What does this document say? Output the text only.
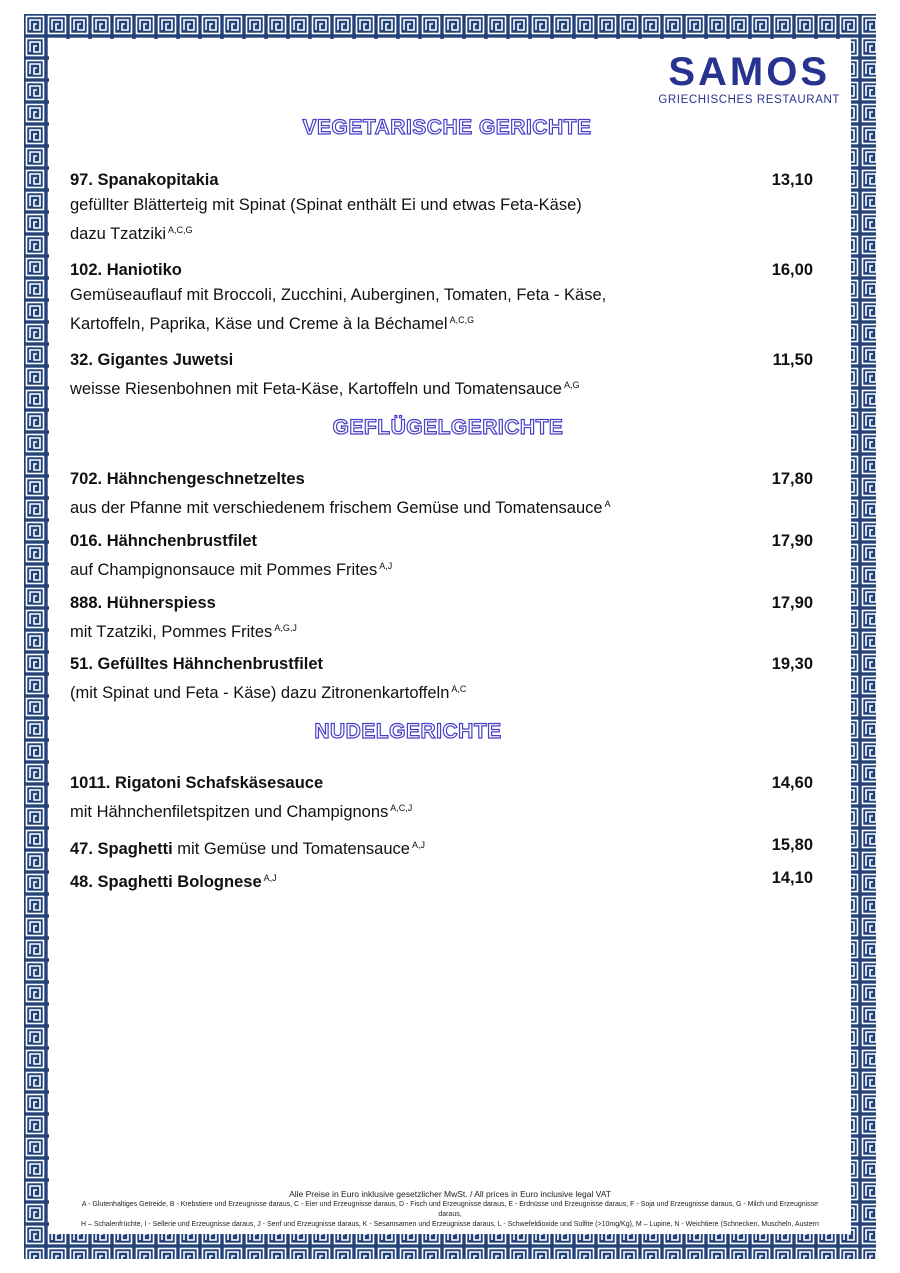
SAMOS
GRIECHISCHES RESTAURANT
VEGETARISCHE GERICHTE
97. Spanakopitakia
gefüllter Blätterteig mit Spinat (Spinat enthält Ei und etwas Feta-Käse)
dazu Tzatziki $^{A,C,G}$
13,10
102. Haniotiko
Gemüseauflauf mit Broccoli, Zucchini, Auberginen, Tomaten, Feta - Käse,
Kartoffeln, Paprika, Käse und Creme à la Béchamel $^{A,C,G}$
16,00
32. Gigantes Juwetsi
weisse Riesenbohnen mit Feta-Käse, Kartoffeln und Tomatensauce $^{A,G}$
11,50
GEFLÜGELGERICHTE
702. Hähnchengeschnetzeltes
aus der Pfanne mit verschiedenem frischem Gemüse und Tomatensauce $^A$
17,80
016. Hähnchenbrustfilet
auf Champignonsauce mit Pommes Frites $^{A,J}$
17,90
888. Hühnerspiess
mit Tzatziki, Pommes Frites $^{A,G,J}$
17,90
51. Gefülltes Hähnchenbrustfilet
(mit Spinat und Feta - Käse) dazu Zitronenkartoffeln $^{A,C}$
19,30
NUDELGERICHTE
1011. Rigatoni Schafskäsesauce
mit Hähnchenfiletspitzen und Champignons $^{A,C,J}$
14,60
47. Spaghetti mit Gemüse und Tomatensauce $^{A,J}$	15,80
48. Spaghetti Bolognese $^{A,J}$	14,10
Alle Preise in Euro inklusive gesetzlicher MwSt. / All prices in Euro inclusive legal VAT
A - Glutenhaltiges Getreide, B - Krebstiere und Erzeugnisse daraus, C - Eier und Erzeugnisse daraus, D - Fisch und Erzeugnisse daraus, E - Erdnüsse und Erzeugnisse daraus, F - Soja und Erzeugnisse daraus, G - Milch und Erzeugnisse daraus,
H – Schalenfrüchte, I - Sellerie und Erzeugnisse daraus, J - Senf und Erzeugnisse daraus, K - Sesamsamen und Erzeugnisse daraus, L - Schwefeldioxide und Sulfite (>10mg/Kg), M – Lupine, N - Weichtiere (Schnecken, Muscheln, Austern
